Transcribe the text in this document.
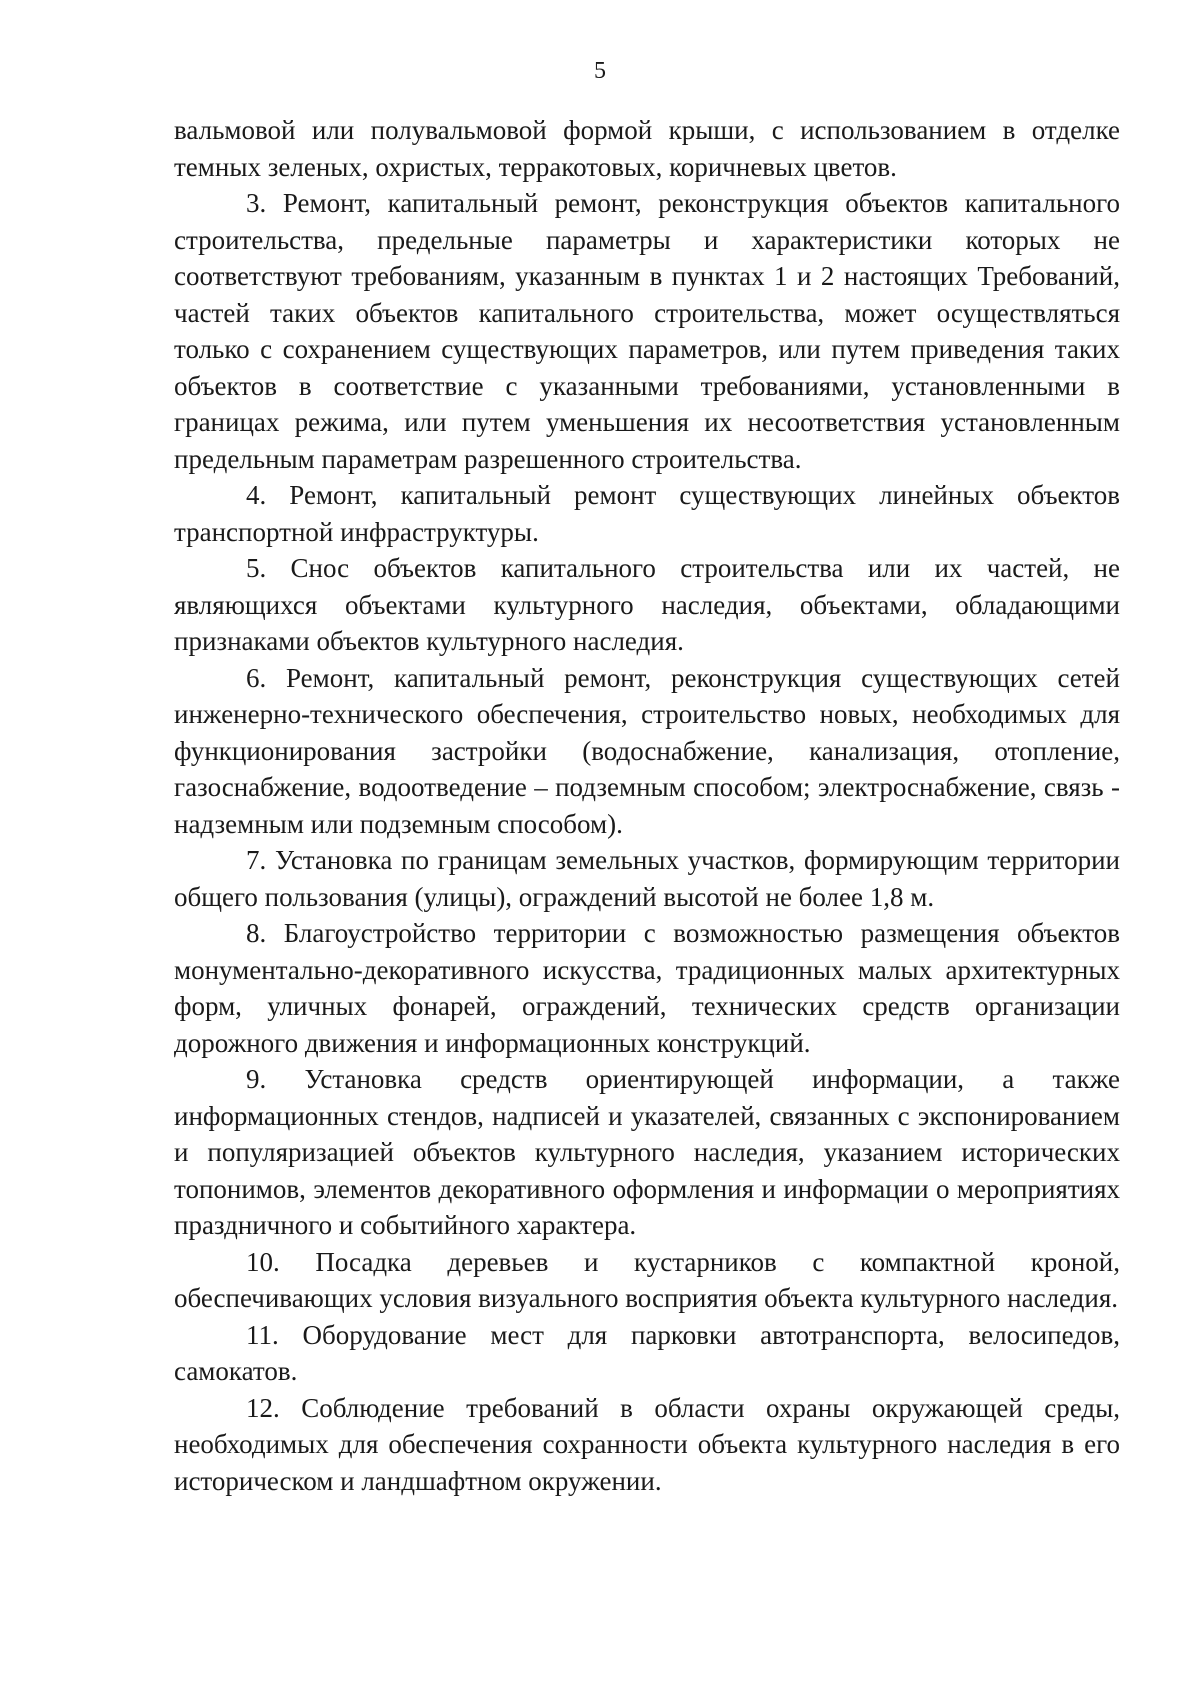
5

вальмовой или полувальмовой формой крыши, с использованием в отделке темных зеленых, охристых, терракотовых, коричневых цветов.

3. Ремонт, капитальный ремонт, реконструкция объектов капитального строительства, предельные параметры и характеристики которых не соответствуют требованиям, указанным в пунктах 1 и 2 настоящих Требований, частей таких объектов капитального строительства, может осуществляться только с сохранением существующих параметров, или путем приведения таких объектов в соответствие с указанными требованиями, установленными в границах режима, или путем уменьшения их несоответствия установленным предельным параметрам разрешенного строительства.

4. Ремонт, капитальный ремонт существующих линейных объектов транспортной инфраструктуры.

5. Снос объектов капитального строительства или их частей, не являющихся объектами культурного наследия, объектами, обладающими признаками объектов культурного наследия.

6. Ремонт, капитальный ремонт, реконструкция существующих сетей инженерно-технического обеспечения, строительство новых, необходимых для функционирования застройки (водоснабжение, канализация, отопление, газоснабжение, водоотведение – подземным способом; электроснабжение, связь - надземным или подземным способом).

7. Установка по границам земельных участков, формирующим территории общего пользования (улицы), ограждений высотой не более 1,8 м.

8. Благоустройство территории с возможностью размещения объектов монументально-декоративного искусства, традиционных малых архитектурных форм, уличных фонарей, ограждений, технических средств организации дорожного движения и информационных конструкций.

9. Установка средств ориентирующей информации, а также информационных стендов, надписей и указателей, связанных с экспонированием и популяризацией объектов культурного наследия, указанием исторических топонимов, элементов декоративного оформления и информации о мероприятиях праздничного и событийного характера.

10. Посадка деревьев и кустарников с компактной кроной, обеспечивающих условия визуального восприятия объекта культурного наследия.

11. Оборудование мест для парковки автотранспорта, велосипедов, самокатов.

12. Соблюдение требований в области охраны окружающей среды, необходимых для обеспечения сохранности объекта культурного наследия в его историческом и ландшафтном окружении.
